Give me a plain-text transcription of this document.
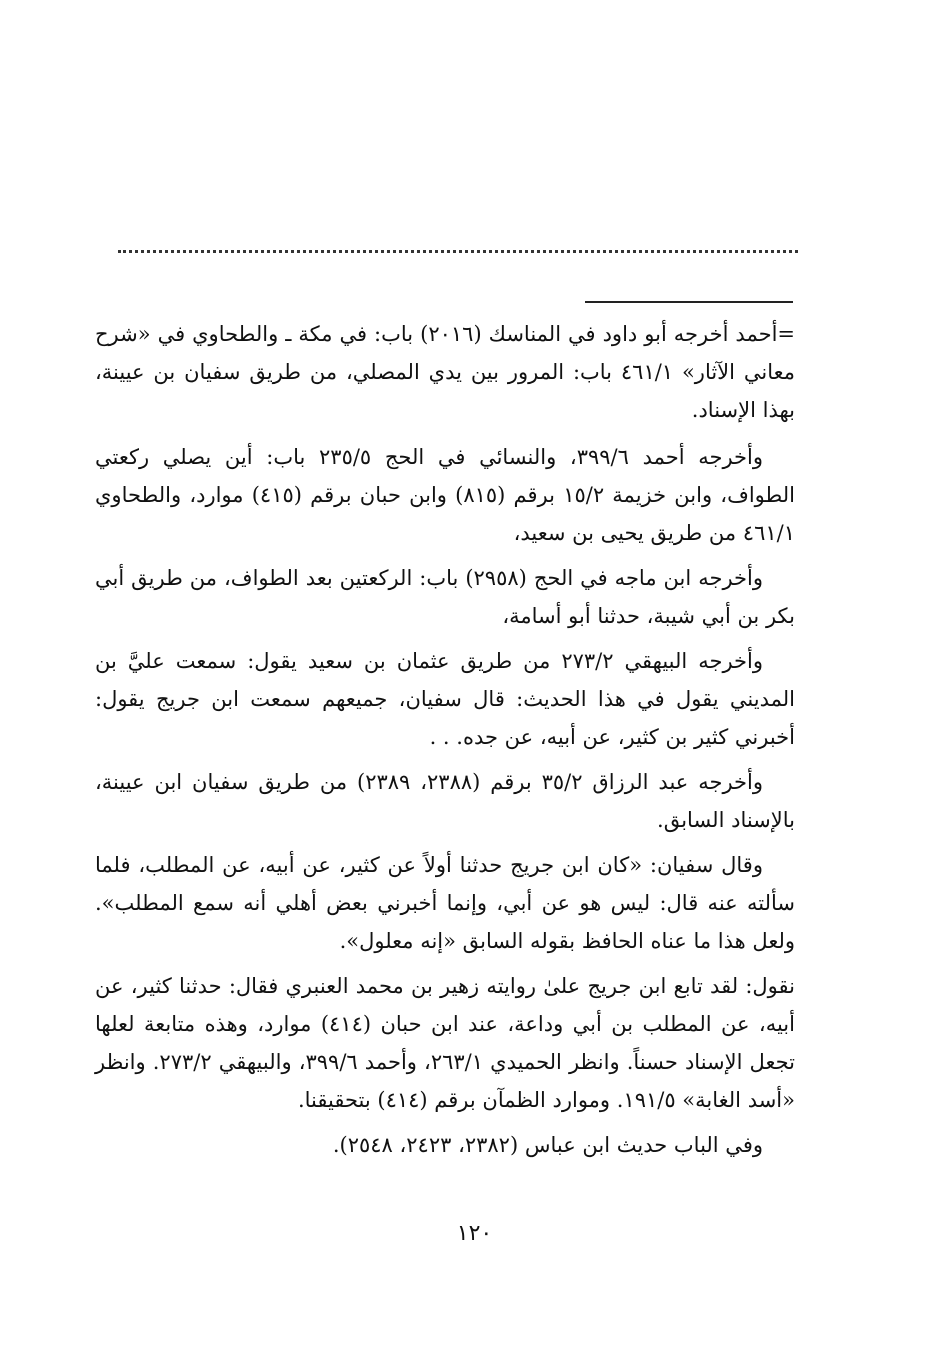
=أحمد أخرجه أبو داود في المناسك (٢٠١٦) باب: في مكة ـ والطحاوي في «شرح معاني الآثار» ٤٦١/١ باب: المرور بين يدي المصلي، من طريق سفيان بن عيينة، بهذا الإسناد.

وأخرجه أحمد ٣٩٩/٦، والنسائي في الحج ٢٣٥/٥ باب: أين يصلي ركعتي الطواف، وابن خزيمة ١٥/٢ برقم (٨١٥) وابن حبان برقم (٤١٥) موارد، والطحاوي ٤٦١/١ من طريق يحيى بن سعيد،

وأخرجه ابن ماجه في الحج (٢٩٥٨) باب: الركعتين بعد الطواف، من طريق أبي بكر بن أبي شيبة، حدثنا أبو أسامة،

وأخرجه البيهقي ٢٧٣/٢ من طريق عثمان بن سعيد يقول: سمعت عليَّ بن المديني يقول في هذا الحديث: قال سفيان، جميعهم سمعت ابن جريج يقول: أخبرني كثير بن كثير، عن أبيه، عن جده. . .

وأخرجه عبد الرزاق ٣٥/٢ برقم (٢٣٨٨، ٢٣٨٩) من طريق سفيان ابن عيينة، بالإسناد السابق.

وقال سفيان: «كان ابن جريج حدثنا أولاً عن كثير، عن أبيه، عن المطلب، فلما سألته عنه قال: ليس هو عن أبي، وإنما أخبرني بعض أهلي أنه سمع المطلب». ولعل هذا ما عناه الحافظ بقوله السابق «إنه معلول».

نقول: لقد تابع ابن جريج علىٰ روايته زهير بن محمد العنبري فقال: حدثنا كثير، عن أبيه، عن المطلب بن أبي وداعة، عند ابن حبان (٤١٤) موارد، وهذه متابعة لعلها تجعل الإسناد حسناً. وانظر الحميدي ٢٦٣/١، وأحمد ٣٩٩/٦، والبيهقي ٢٧٣/٢. وانظر «أسد الغابة» ١٩١/٥. وموارد الظمآن برقم (٤١٤) بتحقيقنا.

وفي الباب حديث ابن عباس (٢٣٨٢، ٢٤٢٣، ٢٥٤٨).

١٢٠
